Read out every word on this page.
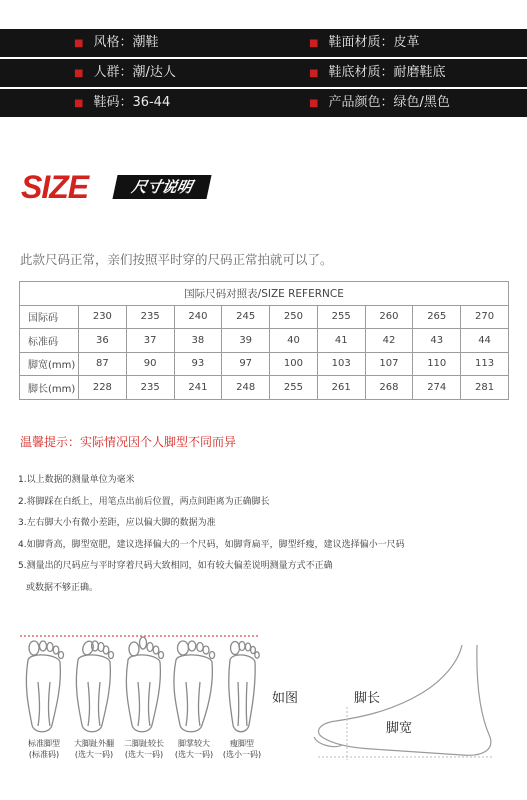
■ 风格：潮鞋	■ 鞋面材质：皮革
■ 人群：潮/达人	■ 鞋底材质：耐磨鞋底
■ 鞋码：36-44	■ 产品颜色：绿色/黑色
SIZE	尺寸说明
此款尺码正常，亲们按照平时穿的尺码正常拍就可以了。
国际尺码对照表/SIZE REFERNCE									
国际码	230	235	240	245	250	255	260	265	270
标准码	36	37	38	39	40	41	42	43	44
脚宽(mm)	87	90	93	97	100	103	107	110	113
脚长(mm)	228	235	241	248	255	261	268	274	281
温馨提示：实际情况因个人脚型不同而异
1.以上数据的测量单位为毫米
2.将脚踩在白纸上，用笔点出前后位置，两点间距离为正确脚长
3.左右脚大小有微小差距，应以偏大脚的数据为准
4.如脚背高，脚型宽肥，建议选择偏大的一个尺码，如脚背扁平，脚型纤瘦，建议选择偏小一尺码
5.测量出的尺码应与平时穿着尺码大致相同，如有较大偏差说明测量方式不正确
或数据不够正确。
标准脚型
(标准码)
大脚趾外翻
(选大一码)
二脚趾较长
(选大一码)
脚掌较大
(选大一码)
瘦脚型
(选小一码)
如图	脚长
脚宽
